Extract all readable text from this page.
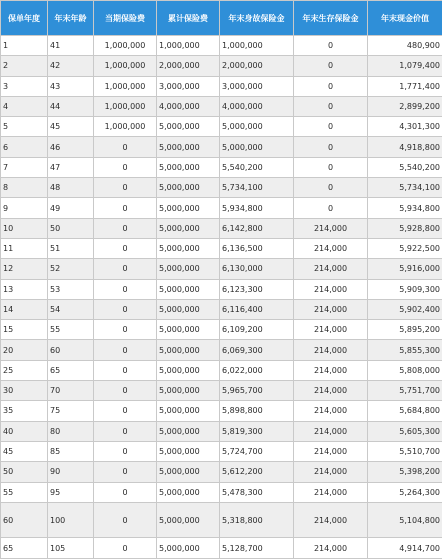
保单年度	年末年龄	当期保险费	累计保险费	年末身故保险金	年末生存保险金	年末现金价值
1	41	1,000,000	1,000,000	1,000,000	0	480,900
2	42	1,000,000	2,000,000	2,000,000	0	1,079,400
3	43	1,000,000	3,000,000	3,000,000	0	1,771,400
4	44	1,000,000	4,000,000	4,000,000	0	2,899,200
5	45	1,000,000	5,000,000	5,000,000	0	4,301,300
6	46	0	5,000,000	5,000,000	0	4,918,800
7	47	0	5,000,000	5,540,200	0	5,540,200
8	48	0	5,000,000	5,734,100	0	5,734,100
9	49	0	5,000,000	5,934,800	0	5,934,800
10	50	0	5,000,000	6,142,800	214,000	5,928,800
11	51	0	5,000,000	6,136,500	214,000	5,922,500
12	52	0	5,000,000	6,130,000	214,000	5,916,000
13	53	0	5,000,000	6,123,300	214,000	5,909,300
14	54	0	5,000,000	6,116,400	214,000	5,902,400
15	55	0	5,000,000	6,109,200	214,000	5,895,200
20	60	0	5,000,000	6,069,300	214,000	5,855,300
25	65	0	5,000,000	6,022,000	214,000	5,808,000
30	70	0	5,000,000	5,965,700	214,000	5,751,700
35	75	0	5,000,000	5,898,800	214,000	5,684,800
40	80	0	5,000,000	5,819,300	214,000	5,605,300
45	85	0	5,000,000	5,724,700	214,000	5,510,700
50	90	0	5,000,000	5,612,200	214,000	5,398,200
55	95	0	5,000,000	5,478,300	214,000	5,264,300
60	100	0	5,000,000	5,318,800	214,000	5,104,800
65	105	0	5,000,000	5,128,700	214,000	4,914,700
